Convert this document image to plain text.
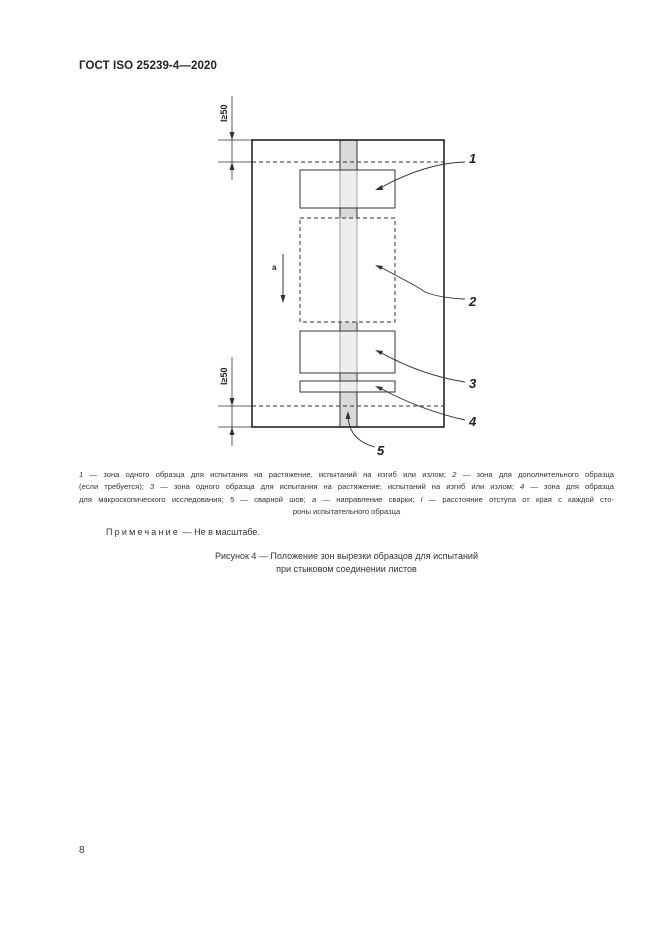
ГОСТ ISO 25239-4—2020
l≥50
l≥50
a
1
2
3
4
5
1 — зона одного образца для испытания на растяжение, испытаний на изгиб или излом; 2 — зона для дополнительного образца
(если требуется); 3 — зона одного образца для испытания на растяжение; испытаний на изгиб или излом; 4 — зона для образца
для макроскопического исследования; 5 — сварной шов; а — направление сварки; l — расстояние отступа от края с каждой сто-
роны испытательного образца
Примечание — Не в масштабе.
Рисунок 4 — Положение зон вырезки образцов для испытаний
при стыковом соединении листов
8
